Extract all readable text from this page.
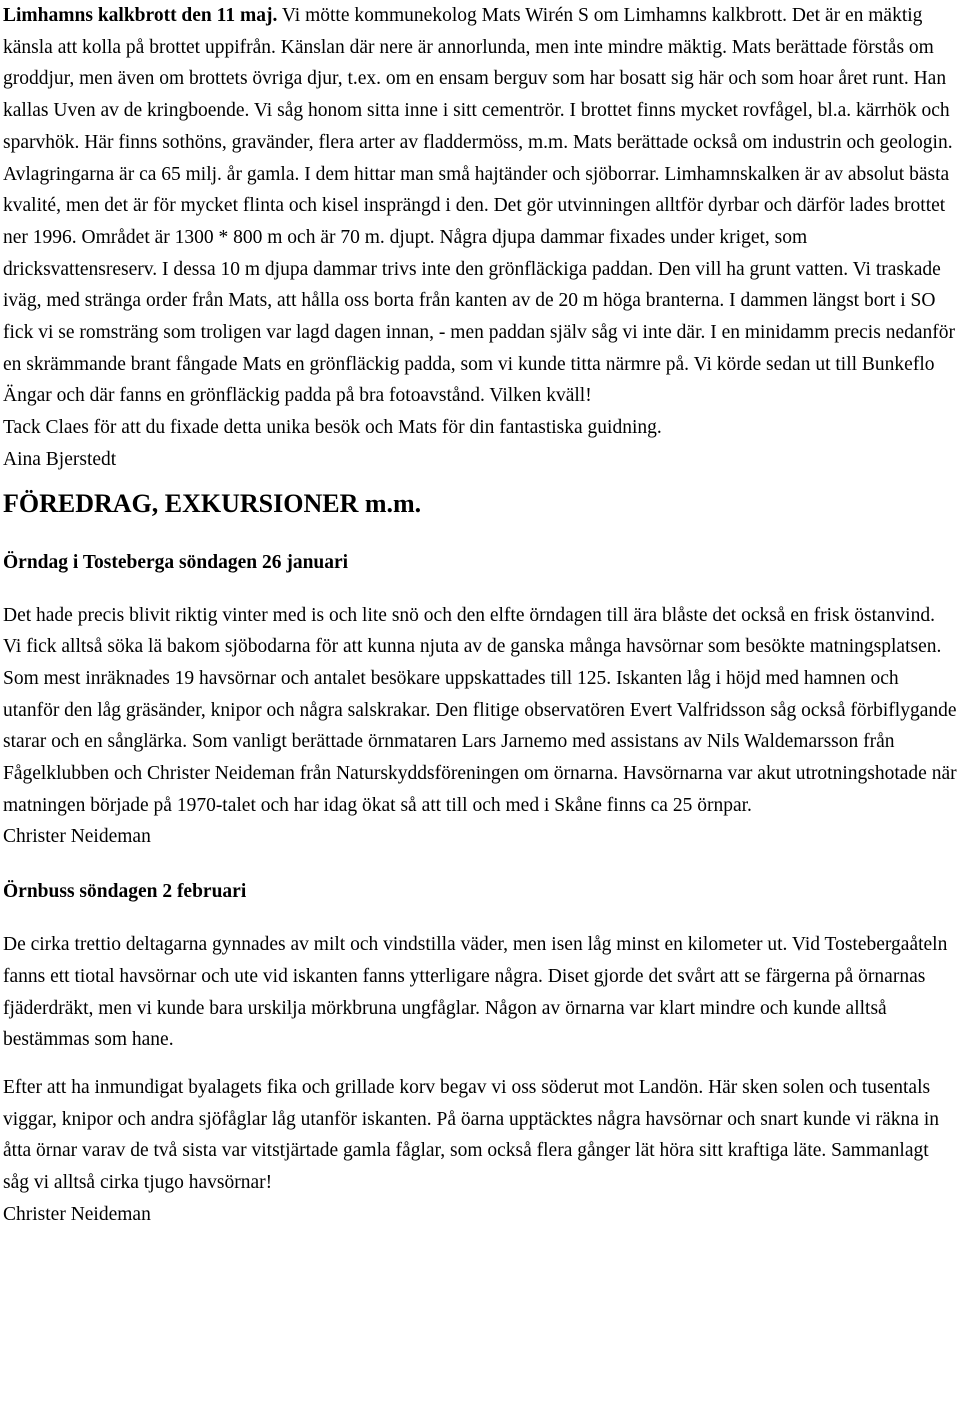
Limhamns kalkbrott den 11 maj. Vi mötte kommunekolog Mats Wirén S om Limhamns kalkbrott. Det är en mäktig känsla att kolla på brottet uppifrån. Känslan där nere är annorlunda, men inte mindre mäktig. Mats berättade förstås om groddjur, men även om brottets övriga djur, t.ex. om en ensam berguv som har bosatt sig här och som hoar året runt. Han kallas Uven av de kringboende. Vi såg honom sitta inne i sitt cementrör. I brottet finns mycket rovfågel, bl.a. kärrhök och sparvhök. Här finns sothöns, gravänder, flera arter av fladdermöss, m.m. Mats berättade också om industrin och geologin. Avlagringarna är ca 65 milj. år gamla. I dem hittar man små hajtänder och sjöborrar. Limhamnskalken är av absolut bästa kvalité, men det är för mycket flinta och kisel insprängd i den. Det gör utvinningen alltför dyrbar och därför lades brottet ner 1996. Området är 1300 * 800 m och är 70 m. djupt. Några djupa dammar fixades under kriget, som dricksvattensreserv. I dessa 10 m djupa dammar trivs inte den grönfläckiga paddan. Den vill ha grunt vatten. Vi traskade iväg, med stränga order från Mats, att hålla oss borta från kanten av de 20 m höga branterna. I dammen längst bort i SO fick vi se romsträng som troligen var lagd dagen innan, - men paddan själv såg vi inte där. I en minidamm precis nedanför en skrämmande brant fångade Mats en grönfläckig padda, som vi kunde titta närmre på. Vi körde sedan ut till Bunkeflo Ängar och där fanns en grönfläckig padda på bra fotoavstånd. Vilken kväll!

Tack Claes för att du fixade detta unika besök och Mats för din fantastiska guidning.

Aina Bjerstedt
FÖREDRAG, EXKURSIONER m.m.
Örndag i Tosteberga söndagen 26 januari

Det hade precis blivit riktig vinter med is och lite snö och den elfte örndagen till ära blåste det också en frisk östanvind. Vi fick alltså söka lä bakom sjöbodarna för att kunna njuta av de ganska många havsörnar som besökte matningsplatsen. Som mest inräknades 19 havsörnar och antalet besökare uppskattades till 125. Iskanten låg i höjd med hamnen och utanför den låg gräsänder, knipor och några salskrakar. Den flitige observatören Evert Valfridsson såg också förbiflygande starar och en sånglärka. Som vanligt berättade örnmataren Lars Jarnemo med assistans av Nils Waldemarsson från Fågelklubben och Christer Neideman från Naturskyddsföreningen om örnarna. Havsörnarna var akut utrotningshotade när matningen började på 1970-talet och har idag ökat så att till och med i Skåne finns ca 25 örnpar.

Christer Neideman
Örnbuss söndagen 2 februari

De cirka trettio deltagarna gynnades av milt och vindstilla väder, men isen låg minst en kilometer ut. Vid Tostebergaåteln fanns ett tiotal havsörnar och ute vid iskanten fanns ytterligare några. Diset gjorde det svårt att se färgerna på örnarnas fjäderdräkt, men vi kunde bara urskilja mörkbruna ungfåglar. Någon av örnarna var klart mindre och kunde alltså bestämmas som hane.

Efter att ha inmundigat byalagets fika och grillade korv begav vi oss söderut mot Landön. Här sken solen och tusentals viggar, knipor och andra sjöfåglar låg utanför iskanten. På öarna upptäcktes några havsörnar och snart kunde vi räkna in åtta örnar varav de två sista var vitstjärtade gamla fåglar, som också flera gånger lät höra sitt kraftiga läte. Sammanlagt såg vi alltså cirka tjugo havsörnar!

Christer Neideman
